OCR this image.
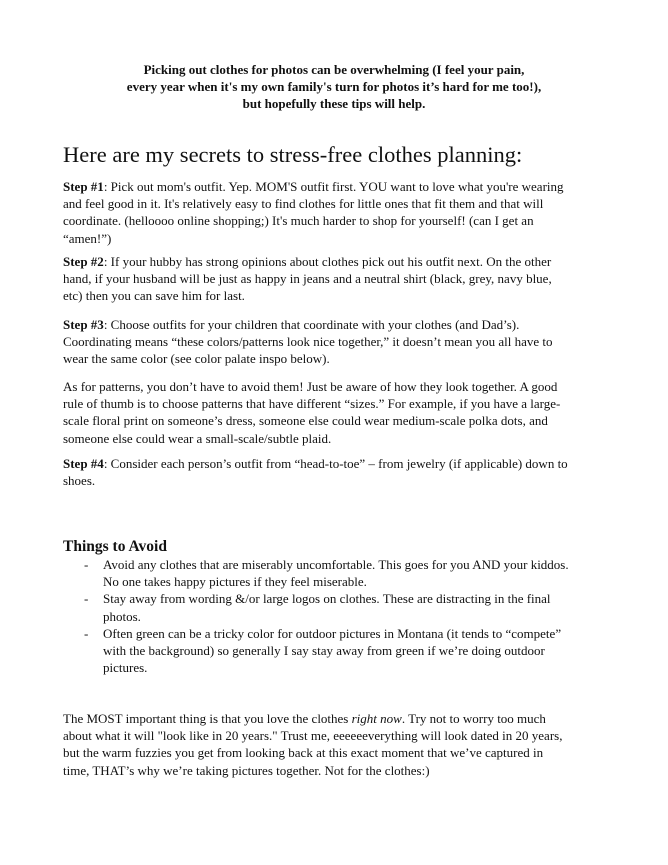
Picking out clothes for photos can be overwhelming (I feel your pain,
every year when it's my own family's turn for photos it’s hard for me too!),
but hopefully these tips will help.
Here are my secrets to stress-free clothes planning:
Step #1: Pick out mom's outfit. Yep. MOM'S outfit first. YOU want to love what you're wearing
and feel good in it. It's relatively easy to find clothes for little ones that fit them and that will
coordinate. (helloooo online shopping;) It's much harder to shop for yourself! (can I get an
“amen!”)
Step #2: If your hubby has strong opinions about clothes pick out his outfit next. On the other
hand, if your husband will be just as happy in jeans and a neutral shirt (black, grey, navy blue,
etc) then you can save him for last.
Step #3: Choose outfits for your children that coordinate with your clothes (and Dad’s).
Coordinating means “these colors/patterns look nice together,” it doesn’t mean you all have to
wear the same color (see color palate inspo below).
As for patterns, you don’t have to avoid them! Just be aware of how they look together. A good
rule of thumb is to choose patterns that have different “sizes.” For example, if you have a large-
scale floral print on someone’s dress, someone else could wear medium-scale polka dots, and
someone else could wear a small-scale/subtle plaid.
Step #4: Consider each person’s outfit from “head-to-toe” – from jewelry (if applicable) down to
shoes.
Things to Avoid
- Avoid any clothes that are miserably uncomfortable. This goes for you AND your kiddos.
No one takes happy pictures if they feel miserable.
- Stay away from wording &/or large logos on clothes. These are distracting in the final
photos.
- Often green can be a tricky color for outdoor pictures in Montana (it tends to “compete”
with the background) so generally I say stay away from green if we’re doing outdoor
pictures.
The MOST important thing is that you love the clothes right now. Try not to worry too much
about what it will "look like in 20 years." Trust me, eeeeeeverything will look dated in 20 years,
but the warm fuzzies you get from looking back at this exact moment that we’ve captured in
time, THAT’s why we’re taking pictures together. Not for the clothes:)
